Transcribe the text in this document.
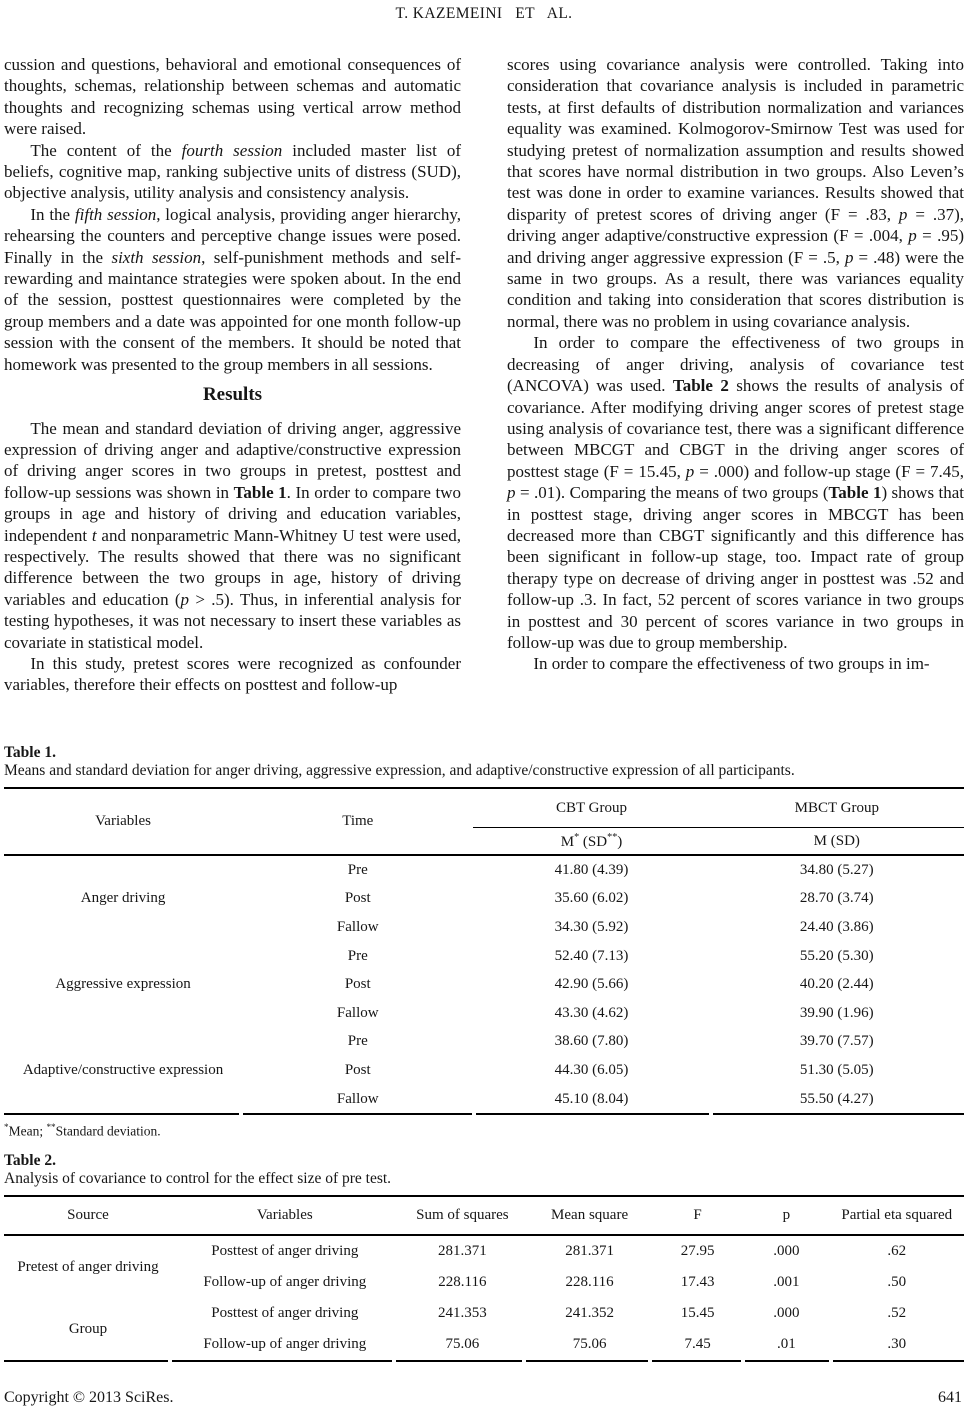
T. KAZEMEINI   ET   AL.

cussion and questions, behavioral and emotional consequences of thoughts, schemas, relationship between schemas and automatic thoughts and recognizing schemas using vertical arrow method were raised.

The content of the fourth session included master list of beliefs, cognitive map, ranking subjective units of distress (SUD), objective analysis, utility analysis and consistency analysis.

In the fifth session, logical analysis, providing anger hierarchy, rehearsing the counters and perceptive change issues were posed. Finally in the sixth session, self-punishment methods and self-rewarding and maintance strategies were spoken about. In the end of the session, posttest questionnaires were completed by the group members and a date was appointed for one month follow-up session with the consent of the members. It should be noted that homework was presented to the group members in all sessions.

Results

The mean and standard deviation of driving anger, aggressive expression of driving anger and adaptive/constructive expression of driving anger scores in two groups in pretest, posttest and follow-up sessions was shown in Table 1. In order to compare two groups in age and history of driving and education variables, independent t and nonparametric Mann-Whitney U test were used, respectively. The results showed that there was no significant difference between the two groups in age, history of driving variables and education (p > .5). Thus, in inferential analysis for testing hypotheses, it was not necessary to insert these variables as covariate in statistical model.

In this study, pretest scores were recognized as confounder variables, therefore their effects on posttest and follow-up

scores using covariance analysis were controlled. Taking into consideration that covariance analysis is included in parametric tests, at first defaults of distribution normalization and variances equality was examined. Kolmogorov-Smirnow Test was used for studying pretest of normalization assumption and results showed that scores have normal distribution in two groups. Also Leven’s test was done in order to examine variances. Results showed that disparity of pretest scores of driving anger (F = .83, p = .37), driving anger adaptive/constructive expression (F = .004, p = .95) and driving anger aggressive expression (F = .5, p = .48) were the same in two groups. As a result, there was variances equality condition and taking into consideration that scores distribution is normal, there was no problem in using covariance analysis.

In order to compare the effectiveness of two groups in decreasing of anger driving, analysis of covariance test (ANCOVA) was used. Table 2 shows the results of analysis of covariance. After modifying driving anger scores of pretest stage using analysis of covariance test, there was a significant difference between MBCGT and CBGT in the driving anger scores of posttest stage (F = 15.45, p = .000) and follow-up stage (F = 7.45, p = .01). Comparing the means of two groups (Table 1) shows that in posttest stage, driving anger scores in MBCGT has been decreased more than CBGT significantly and this difference has been significant in follow-up stage, too. Impact rate of group therapy type on decrease of driving anger in posttest was .52 and follow-up .3. In fact, 52 percent of scores variance in two groups in posttest and 30 percent of scores variance in two groups in follow-up was due to group membership.

In order to compare the effectiveness of two groups in im-

Table 1.
Means and standard deviation for anger driving, aggressive expression, and adaptive/constructive expression of all participants.
Variables	Time	CBT Group	MBCT Group
		M* (SD**)	M (SD)
Anger driving	Pre	41.80 (4.39)	34.80 (5.27)
	Post	35.60 (6.02)	28.70 (3.74)
	Fallow	34.30 (5.92)	24.40 (3.86)
Aggressive expression	Pre	52.40 (7.13)	55.20 (5.30)
	Post	42.90 (5.66)	40.20 (2.44)
	Fallow	43.30 (4.62)	39.90 (1.96)
Adaptive/constructive expression	Pre	38.60 (7.80)	39.70 (7.57)
	Post	44.30 (6.05)	51.30 (5.05)
	Fallow	45.10 (8.04)	55.50 (4.27)
*Mean; **Standard deviation.
Table 2.
Analysis of covariance to control for the effect size of pre test.
Source	Variables	Sum of squares	Mean square	F	p	Partial eta squared
Pretest of anger driving	Posttest of anger driving	281.371	281.371	27.95	.000	.62
	Follow-up of anger driving	228.116	228.116	17.43	.001	.50
Group	Posttest of anger driving	241.353	241.352	15.45	.000	.52
	Follow-up of anger driving	75.06	75.06	7.45	.01	.30
Copyright © 2013 SciRes.	641
